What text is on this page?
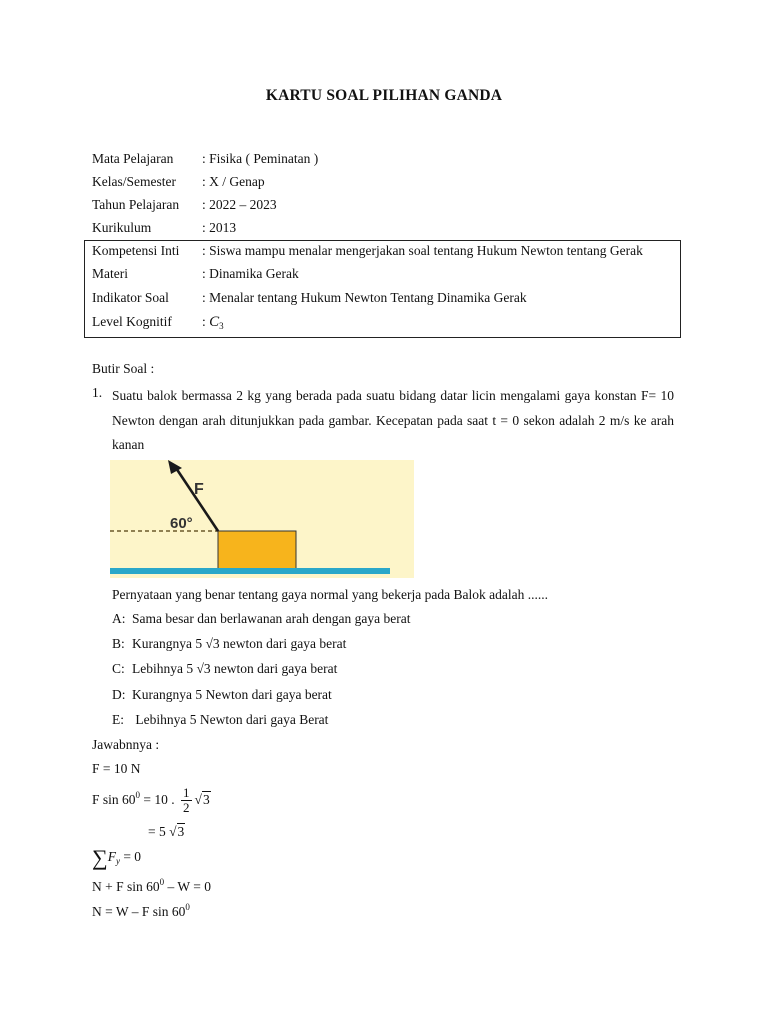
KARTU SOAL PILIHAN GANDA
Mata Pelajaran : Fisika ( Peminatan )
Kelas/Semester : X / Genap
Tahun Pelajaran : 2022 – 2023
Kurikulum	: 2013
Kompetensi Inti : Siswa mampu menalar mengerjakan soal tentang Hukum Newton tentang Gerak
Materi	: Dinamika Gerak
Indikator Soal : Menalar tentang Hukum Newton Tentang Dinamika Gerak
Level Kognitif : $C_3$
Butir Soal :
1. Suatu balok bermassa 2 kg yang berada pada suatu bidang datar licin mengalami gaya konstan F= 10 Newton dengan arah ditunjukkan pada gambar. Kecepatan pada saat t = 0 sekon adalah 2 m/s ke arah kanan
F
60°
Pernyataan yang benar tentang gaya normal yang bekerja pada Balok adalah ......
A: Sama besar dan berlawanan arah dengan gaya berat
B: Kurangnya 5 √3 newton dari gaya berat
C: Lebihnya 5 √3 newton dari gaya berat
D: Kurangnya 5 Newton dari gaya berat
E: Lebihnya 5 Newton dari gaya Berat
Jawabnnya :
F = 10 N
F $\sin 60^0 = 10$ . $\frac{1}{2} √3$
= 5 √3
$\sum F_y = 0$
N + F $\sin 60^0 - W = 0$
N = W – F $\sin 60^0$
